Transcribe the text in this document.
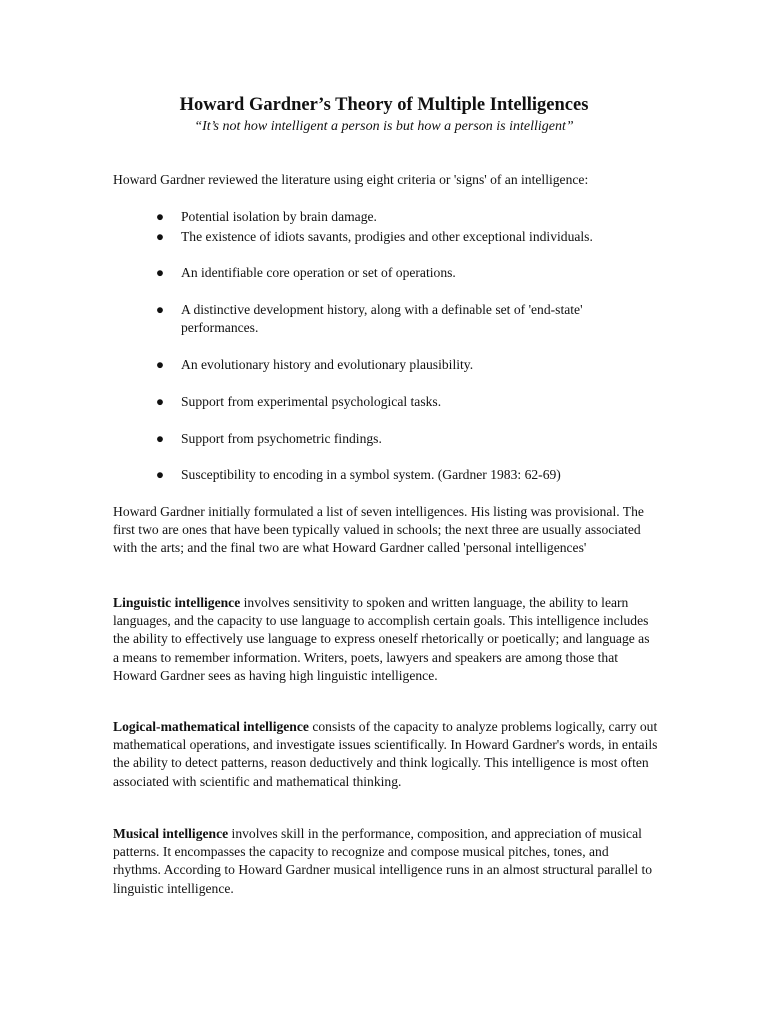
Howard Gardner’s Theory of Multiple Intelligences
“It’s not how intelligent a person is but how a person is intelligent”

Howard Gardner reviewed the literature using eight criteria or 'signs' of an intelligence:

● Potential isolation by brain damage.
● The existence of idiots savants, prodigies and other exceptional individuals.
● An identifiable core operation or set of operations.
● A distinctive development history, along with a definable set of 'end-state' performances.
● An evolutionary history and evolutionary plausibility.
● Support from experimental psychological tasks.
● Support from psychometric findings.
● Susceptibility to encoding in a symbol system. (Gardner 1983: 62-69)

Howard Gardner initially formulated a list of seven intelligences. His listing was provisional. The first two are ones that have been typically valued in schools; the next three are usually associated with the arts; and the final two are what Howard Gardner called 'personal intelligences'

Linguistic intelligence involves sensitivity to spoken and written language, the ability to learn languages, and the capacity to use language to accomplish certain goals. This intelligence includes the ability to effectively use language to express oneself rhetorically or poetically; and language as a means to remember information. Writers, poets, lawyers and speakers are among those that Howard Gardner sees as having high linguistic intelligence.

Logical-mathematical intelligence consists of the capacity to analyze problems logically, carry out mathematical operations, and investigate issues scientifically. In Howard Gardner's words, in entails the ability to detect patterns, reason deductively and think logically. This intelligence is most often associated with scientific and mathematical thinking.

Musical intelligence involves skill in the performance, composition, and appreciation of musical patterns. It encompasses the capacity to recognize and compose musical pitches, tones, and rhythms. According to Howard Gardner musical intelligence runs in an almost structural parallel to linguistic intelligence.
